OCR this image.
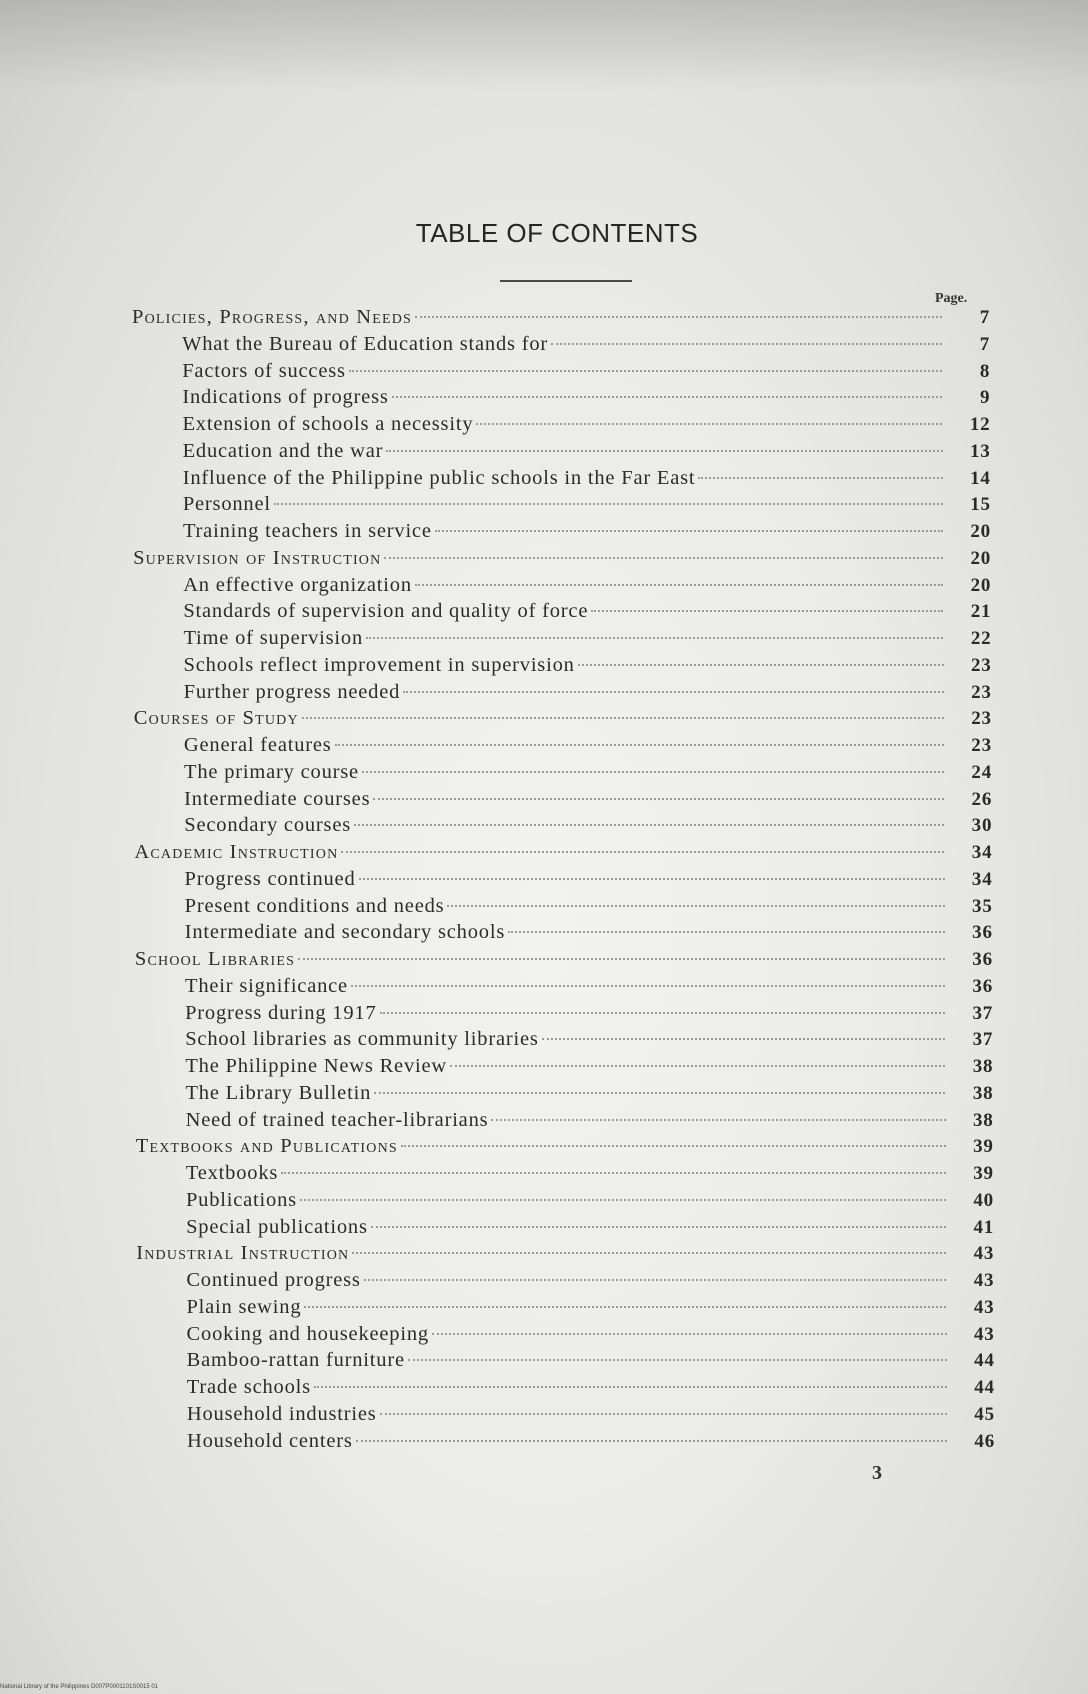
TABLE OF CONTENTS
Page.
Policies, Progress, and Needs	7
What the Bureau of Education stands for	7
Factors of success	8
Indications of progress	9
Extension of schools a necessity	12
Education and the war	13
Influence of the Philippine public schools in the Far East	14
Personnel	15
Training teachers in service	20
Supervision of Instruction	20
An effective organization	20
Standards of supervision and quality of force	21
Time of supervision	22
Schools reflect improvement in supervision	23
Further progress needed	23
Courses of Study	23
General features	23
The primary course	24
Intermediate courses	26
Secondary courses	30
Academic Instruction	34
Progress continued	34
Present conditions and needs	35
Intermediate and secondary schools	36
School Libraries	36
Their significance	36
Progress during 1917	37
School libraries as community libraries	37
The Philippine News Review	38
The Library Bulletin	38
Need of trained teacher-librarians	38
Textbooks and Publications	39
Textbooks	39
Publications	40
Special publications	41
Industrial Instruction	43
Continued progress	43
Plain sewing	43
Cooking and housekeeping	43
Bamboo-rattan furniture	44
Trade schools	44
Household industries	45
Household centers	46
3
National Library of the Philippines D007P0001101S0015 01
